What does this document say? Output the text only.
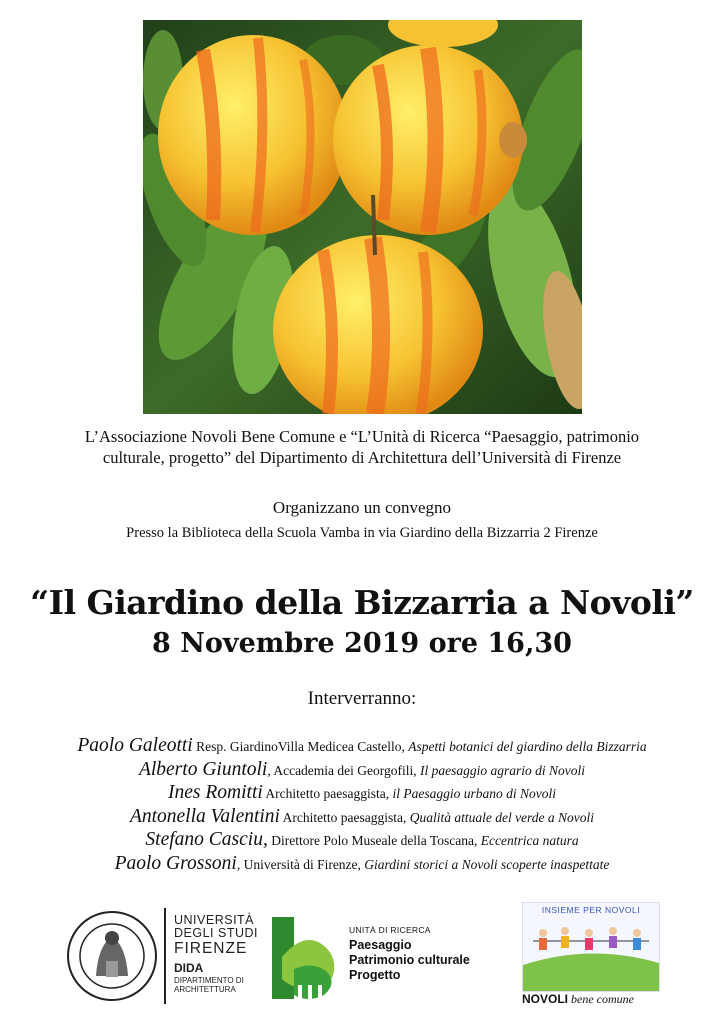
L’Associazione Novoli Bene Comune e “L’Unità di Ricerca “Paesaggio, patrimonio
culturale, progetto” del Dipartimento di Architettura dell’Università di Firenze
Organizzano un convegno
Presso la Biblioteca della Scuola Vamba in via Giardino della Bizzarria 2 Firenze
“Il Giardino della Bizzarria a Novoli”
8 Novembre 2019 ore 16,30
Interverranno:
Paolo Galeotti Resp. GiardinoVilla Medicea Castello, Aspetti botanici del giardino della Bizzarria
Alberto Giuntoli, Accademia dei Georgofili, Il paesaggio agrario di Novoli
Ines Romitti Architetto paesaggista, il Paesaggio urbano di Novoli
Antonella Valentini Architetto paesaggista, Qualità attuale del verde a Novoli
Stefano Casciu, Direttore Polo Museale della Toscana, Eccentrica natura
Paolo Grossoni, Università di Firenze, Giardini storici a Novoli scoperte inaspettate
UNIVERSITÀ
DEGLI STUDI
FIRENZE
DIDA
DIPARTIMENTO DI
ARCHITETTURA
UNITÀ DI RICERCA
Paesaggio
Patrimonio culturale
Progetto
INSIEME PER NOVOLI
NOVOLI bene comune
